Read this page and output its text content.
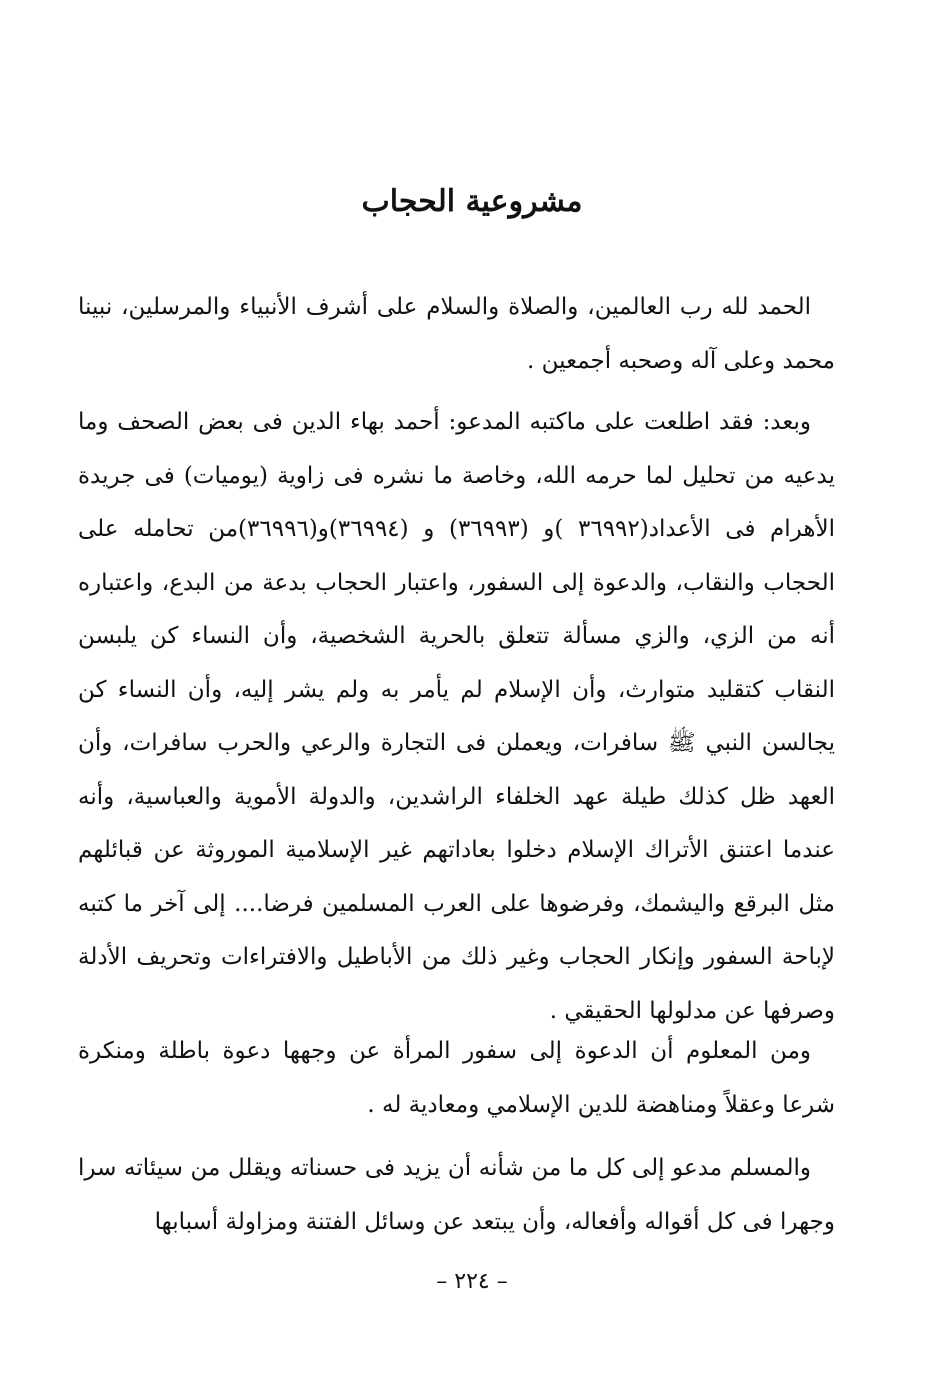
مشروعية الحجاب

الحمد لله رب العالمين، والصلاة والسلام على أشرف الأنبياء والمرسلين، نبينا محمد وعلى آله وصحبه أجمعين .

وبعد: فقد اطلعت على ماكتبه المدعو: أحمد بهاء الدين فى بعض الصحف وما يدعيه من تحليل لما حرمه الله، وخاصة ما نشره فى زاوية (يوميات) فى جريدة الأهرام فى الأعداد(٣٦٩٩٢ )و (٣٦٩٩٣) و (٣٦٩٩٤)و(٣٦٩٩٦)من تحامله على الحجاب والنقاب، والدعوة إلى السفور، واعتبار الحجاب بدعة من البدع، واعتباره أنه من الزي، والزي مسألة تتعلق بالحرية الشخصية، وأن النساء كن يلبسن النقاب كتقليد متوارث، وأن الإسلام لم يأمر به ولم يشر إليه، وأن النساء كن يجالسن النبي ﷺ سافرات، ويعملن فى التجارة والرعي والحرب سافرات، وأن العهد ظل كذلك طيلة عهد الخلفاء الراشدين، والدولة الأموية والعباسية، وأنه عندما اعتنق الأتراك الإسلام دخلوا بعاداتهم غير الإسلامية الموروثة عن قبائلهم مثل البرقع واليشمك، وفرضوها على العرب المسلمين فرضا.... إلى آخر ما كتبه لإباحة السفور وإنكار الحجاب وغير ذلك من الأباطيل والافتراءات وتحريف الأدلة وصرفها عن مدلولها الحقيقي .

ومن المعلوم أن الدعوة إلى سفور المرأة عن وجهها دعوة باطلة ومنكرة شرعا وعقلاً ومناهضة للدين الإسلامي ومعادية له .

والمسلم مدعو إلى كل ما من شأنه أن يزيد فى حسناته ويقلل من سيئاته سرا وجهرا فى كل أقواله وأفعاله، وأن يبتعد عن وسائل الفتنة ومزاولة أسبابها

– ٢٢٤ –
